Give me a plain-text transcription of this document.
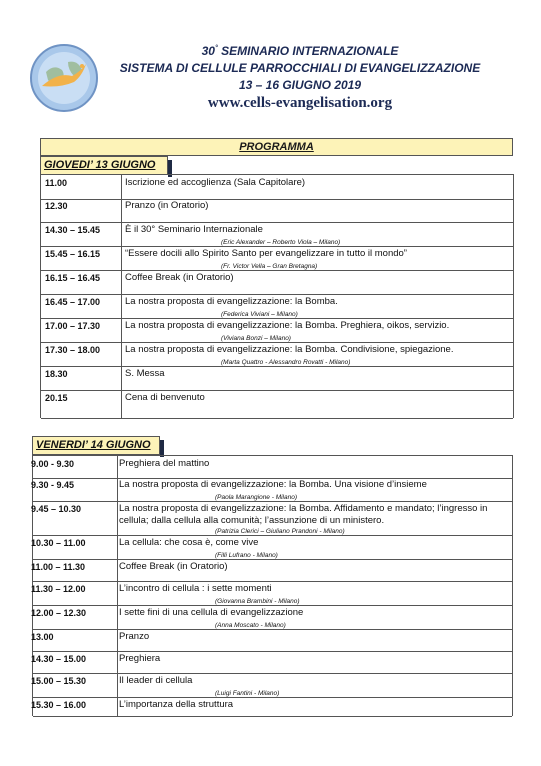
30° SEMINARIO INTERNAZIONALE
SISTEMA DI CELLULE PARROCCHIALI DI EVANGELIZZAZIONE
13 – 16 GIUGNO 2019
www.cells-evangelisation.org
PROGRAMMA
GIOVEDI’ 13 GIUGNO
VENERDI’ 14 GIUGNO
11.00	Iscrizione ed accoglienza (Sala Capitolare)
12.30	Pranzo (in Oratorio)
14.30 – 15.45	È il 30° Seminario Internazionale
(Eric Alexander – Roberto Viola – Milano)
15.45 – 16.15	“Essere docili allo Spirito Santo per evangelizzare in tutto il mondo”
(Fr. Victor Vella – Gran Bretagna)
16.15 – 16.45	Coffee Break (in Oratorio)
16.45 – 17.00	La nostra proposta di evangelizzazione: la Bomba.
(Federica Viviani – Milano)
17.00 – 17.30	La nostra proposta di evangelizzazione: la Bomba. Preghiera, oikos, servizio.
(Viviana Bonzi – Milano)
17.30 – 18.00	La nostra proposta di evangelizzazione: la Bomba. Condivisione, spiegazione.
(Marta Quattro - Alessandro Rovatti - Milano)
18.30	S. Messa
20.15	Cena di benvenuto
9.00 - 9.30	Preghiera del mattino
9.30 - 9.45	La nostra proposta di evangelizzazione: la Bomba. Una visione d’insieme
(Paola Marangione - Milano)
9.45 – 10.30	La nostra proposta di evangelizzazione: la Bomba. Affidamento e mandato; l’ingresso in cellula; dalla cellula alla comunità; l’assunzione di un ministero.
(Patrizia Clerici – Giuliano Prandoni - Milano)
10.30 – 11.00	La cellula: che cosa è, come vive
(Filli Lufrano - Milano)
11.00 – 11.30	Coffee Break (in Oratorio)
11.30 – 12.00	L’incontro di cellula : i sette momenti
(Giovanna Brambini - Milano)
12.00 – 12.30	I sette fini di una cellula di evangelizzazione
(Anna Moscato - Milano)
13.00	Pranzo
14.30 – 15.00	Preghiera
15.00 – 15.30	Il leader di cellula
(Luigi Fantini - Milano)
15.30 – 16.00	L’importanza della struttura
